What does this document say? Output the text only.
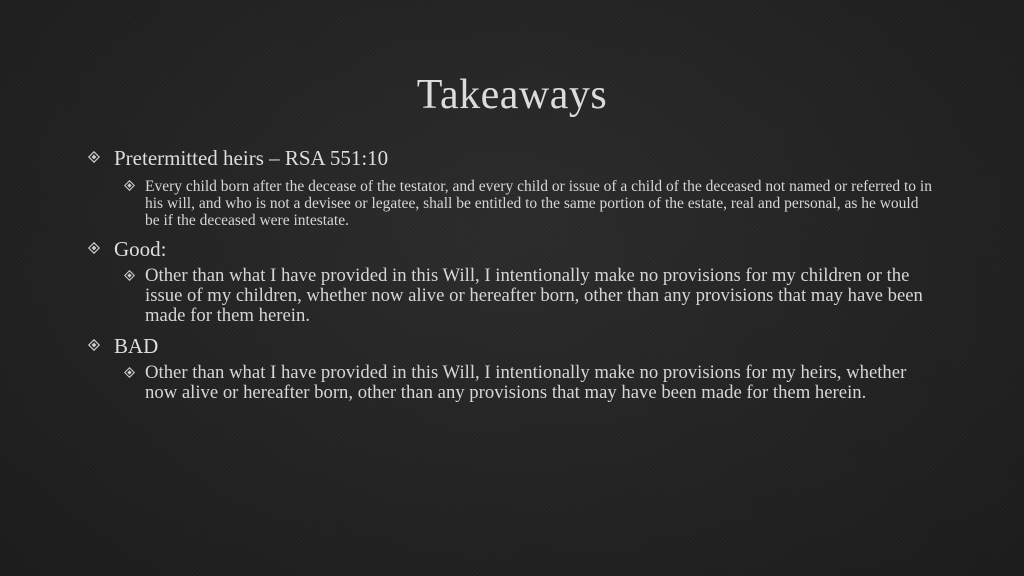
Takeaways
Pretermitted heirs – RSA 551:10
Every child born after the decease of the testator, and every child or issue of a child of the deceased not named or referred to in his will, and who is not a devisee or legatee, shall be entitled to the same portion of the estate, real and personal, as he would be if the deceased were intestate.
Good:
Other than what I have provided in this Will, I intentionally make no provisions for my children or the issue of my children, whether now alive or hereafter born, other than any provisions that may have been made for them herein.
BAD
Other than what I have provided in this Will, I intentionally make no provisions for my heirs, whether now alive or hereafter born, other than any provisions that may have been made for them herein.
